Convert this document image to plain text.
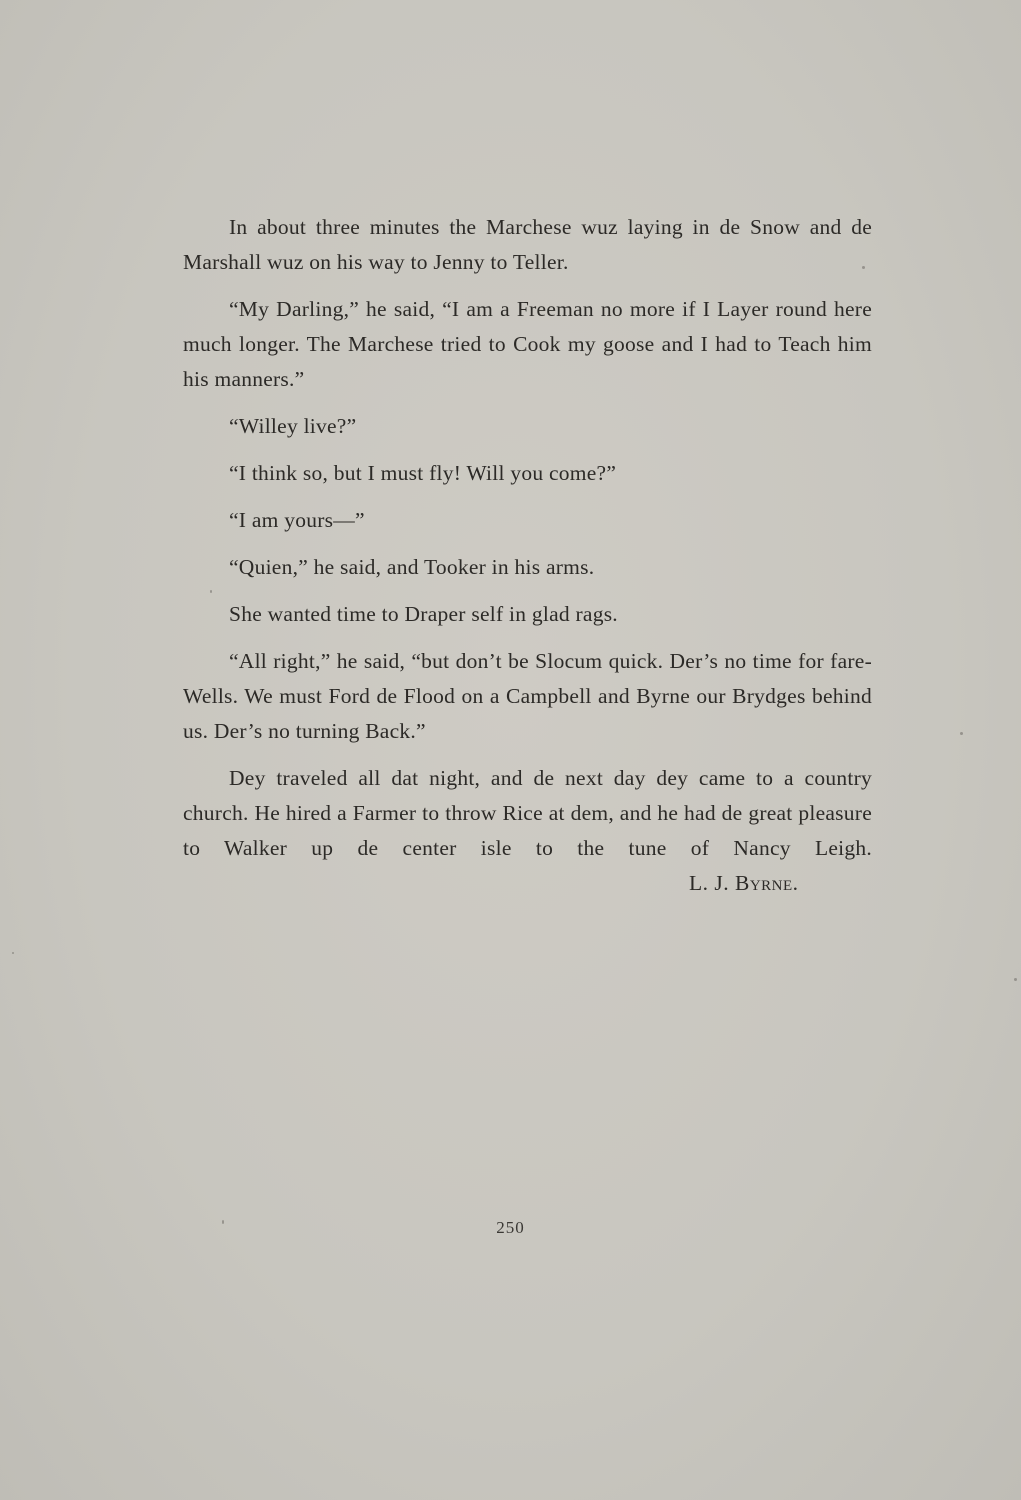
In about three minutes the Marchese wuz laying in de Snow and de Marshall wuz on his way to Jenny to Teller.

“My Darling,” he said, “I am a Freeman no more if I Layer round here much longer. The Marchese tried to Cook my goose and I had to Teach him his manners.”

“Willey live?”

“I think so, but I must fly! Will you come?”

“I am yours—”

“Quien,” he said, and Tooker in his arms.

She wanted time to Draper self in glad rags.

“All right,” he said, “but don’t be Slocum quick. Der’s no time for fare-Wells. We must Ford de Flood on a Campbell and Byrne our Brydges behind us. Der’s no turning Back.”

Dey traveled all dat night, and de next day dey came to a country church. He hired a Farmer to throw Rice at dem, and he had de great pleasure to Walker up de center isle to the tune of Nancy Leigh.

L. J. Byrne.
250
